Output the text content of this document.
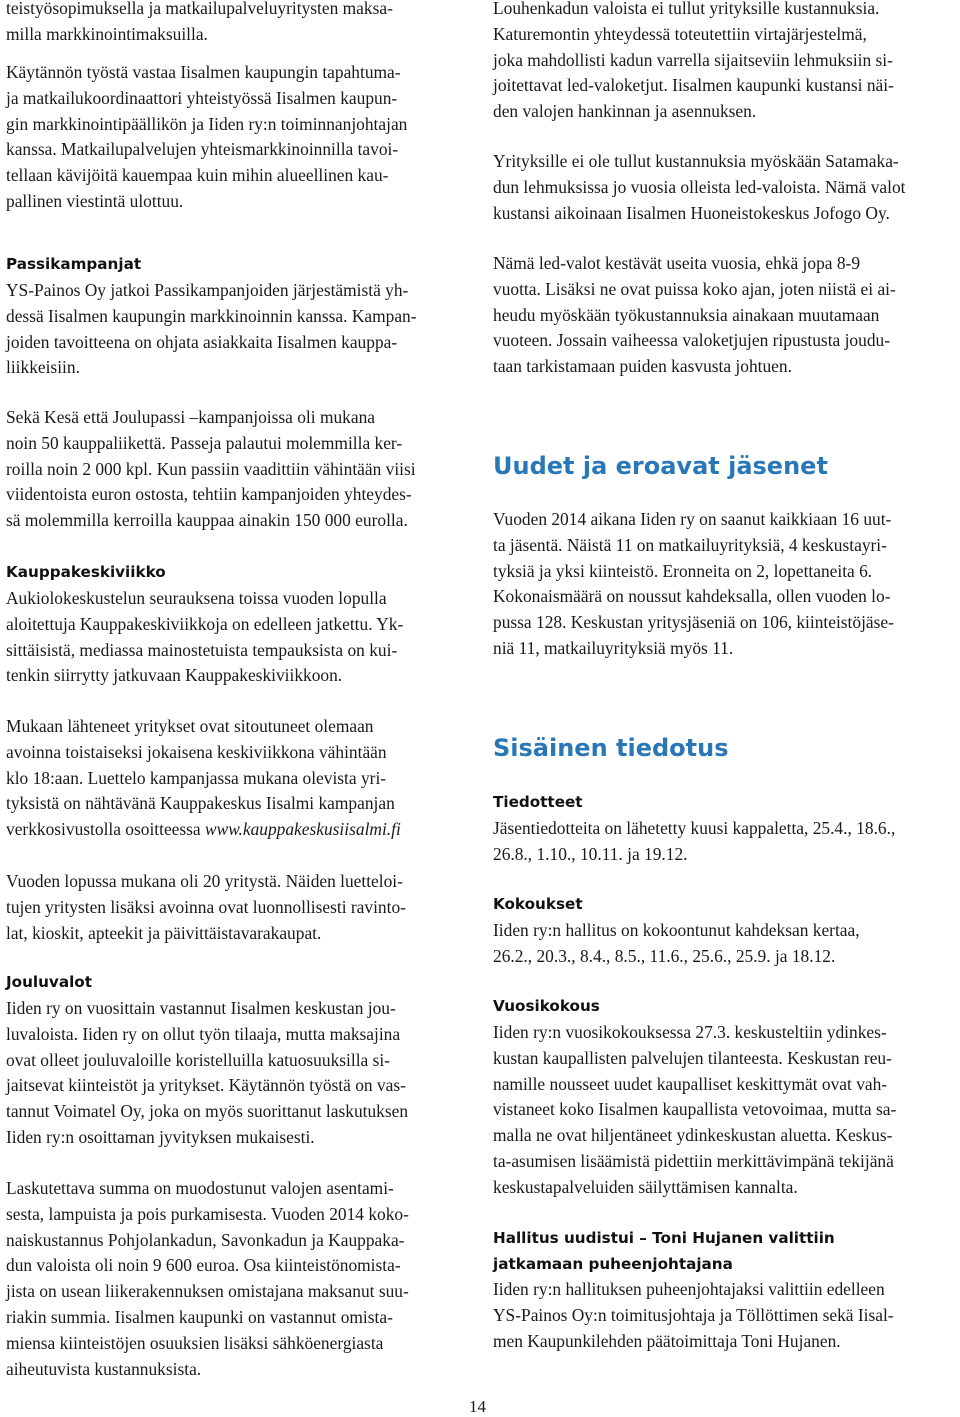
teistyösopimuksella ja matkailupalveluyritysten maksa-
milla markkinointimaksuilla.

Käytännön työstä vastaa Iisalmen kaupungin tapahtuma-
ja matkailukoordinaattori yhteistyössä Iisalmen kaupun-
gin markkinointipäällikön ja Iiden ry:n toiminnanjohtajan
kanssa. Matkailupalvelujen yhteismarkkinoinnilla tavoi-
tellaan kävijöitä kauempaa kuin mihin alueellinen kau-
pallinen viestintä ulottuu.

Passikampanjat

YS-Painos Oy jatkoi Passikampanjoiden järjestämistä yh-
dessä Iisalmen kaupungin markkinoinnin kanssa. Kampan-
joiden tavoitteena on ohjata asiakkaita Iisalmen kauppa-
liikkeisiin.

Sekä Kesä että Joulupassi –kampanjoissa oli mukana
noin 50 kauppaliikettä. Passeja palautui molemmilla ker-
roilla noin 2 000 kpl. Kun passiin vaadittiin vähintään viisi
viidentoista euron ostosta, tehtiin kampanjoiden yhteydes-
sä molemmilla kerroilla kauppaa ainakin 150 000 eurolla.

Kauppakeskiviikko

Aukiolokeskustelun seurauksena toissa vuoden lopulla
aloitettuja Kauppakeskiviikkoja on edelleen jatkettu. Yk-
sittäisistä, mediassa mainostetuista tempauksista on kui-
tenkin siirrytty jatkuvaan Kauppakeskiviikkoon.

Mukaan lähteneet yritykset ovat sitoutuneet olemaan
avoinna toistaiseksi jokaisena keskiviikkona vähintään
klo 18:aan. Luettelo kampanjassa mukana olevista yri-
tyksistä on nähtävänä Kauppakeskus Iisalmi kampanjan
verkkosivustolla osoitteessa www.kauppakeskusiisalmi.fi

Vuoden lopussa mukana oli 20 yritystä. Näiden luetteloi-
tujen yritysten lisäksi avoinna ovat luonnollisesti ravinto-
lat, kioskit, apteekit ja päivittäistavarakaupat.

Jouluvalot

Iiden ry on vuosittain vastannut Iisalmen keskustan jou-
luvaloista. Iiden ry on ollut työn tilaaja, mutta maksajina
ovat olleet jouluvaloille koristelluilla katuosuuksilla si-
jaitsevat kiinteistöt ja yritykset. Käytännön työstä on vas-
tannut Voimatel Oy, joka on myös suorittanut laskutuksen
Iiden ry:n osoittaman jyvityksen mukaisesti.

Laskutettava summa on muodostunut valojen asentami-
sesta, lampuista ja pois purkamisesta. Vuoden 2014 koko-
naiskustannus Pohjolankadun, Savonkadun ja Kauppaka-
dun valoista oli noin 9 600 euroa. Osa kiinteistönomista-
jista on usean liikerakennuksen omistajana maksanut suu-
riakin summia. Iisalmen kaupunki on vastannut omista-
miensa kiinteistöjen osuuksien lisäksi sähköenergiasta
aiheutuvista kustannuksista.

Louhenkadun valoista ei tullut yrityksille kustannuksia.
Katuremontin yhteydessä toteutettiin virtajärjestelmä,
joka mahdollisti kadun varrella sijaitseviin lehmuksiin si-
joitettavat led-valoketjut. Iisalmen kaupunki kustansi näi-
den valojen hankinnan ja asennuksen.

Yrityksille ei ole tullut kustannuksia myöskään Satamaka-
dun lehmuksissa jo vuosia olleista led-valoista. Nämä valot
kustansi aikoinaan Iisalmen Huoneistokeskus Jofogo Oy.

Nämä led-valot kestävät useita vuosia, ehkä jopa 8-9
vuotta. Lisäksi ne ovat puissa koko ajan, joten niistä ei ai-
heudu myöskään työkustannuksia ainakaan muutamaan
vuoteen. Jossain vaiheessa valoketjujen ripustusta joudu-
taan tarkistamaan puiden kasvusta johtuen.

Uudet ja eroavat jäsenet

Vuoden 2014 aikana Iiden ry on saanut kaikkiaan 16 uut-
ta jäsentä. Näistä 11 on matkailuyrityksiä, 4 keskustayri-
tyksiä ja yksi kiinteistö. Eronneita on 2, lopettaneita 6.
Kokonaismäärä on noussut kahdeksalla, ollen vuoden lo-
pussa 128. Keskustan yritysjäseniä on 106, kiinteistöjäse-
niä 11, matkailuyrityksiä myös 11.

Sisäinen tiedotus
Tiedotteet

Jäsentiedotteita on lähetetty kuusi kappaletta, 25.4., 18.6.,
26.8., 1.10., 10.11. ja 19.12.

Kokoukset

Iiden ry:n hallitus on kokoontunut kahdeksan kertaa,
26.2., 20.3., 8.4., 8.5., 11.6., 25.6., 25.9. ja 18.12.

Vuosikokous

Iiden ry:n vuosikokouksessa 27.3. keskusteltiin ydinkes-
kustan kaupallisten palvelujen tilanteesta. Keskustan reu-
namille nousseet uudet kaupalliset keskittymät ovat vah-
vistaneet koko Iisalmen kaupallista vetovoimaa, mutta sa-
malla ne ovat hiljentäneet ydinkeskustan aluetta. Keskus-
ta-asumisen lisäämistä pidettiin merkittävimpänä tekijänä
keskustapalveluiden säilyttämisen kannalta.

Hallitus uudistui – Toni Hujanen valittiin
jatkamaan puheenjohtajana

Iiden ry:n hallituksen puheenjohtajaksi valittiin edelleen
YS-Painos Oy:n toimitusjohtaja ja Töllöttimen sekä Iisal-
men Kaupunkilehden päätoimittaja Toni Hujanen.

14
